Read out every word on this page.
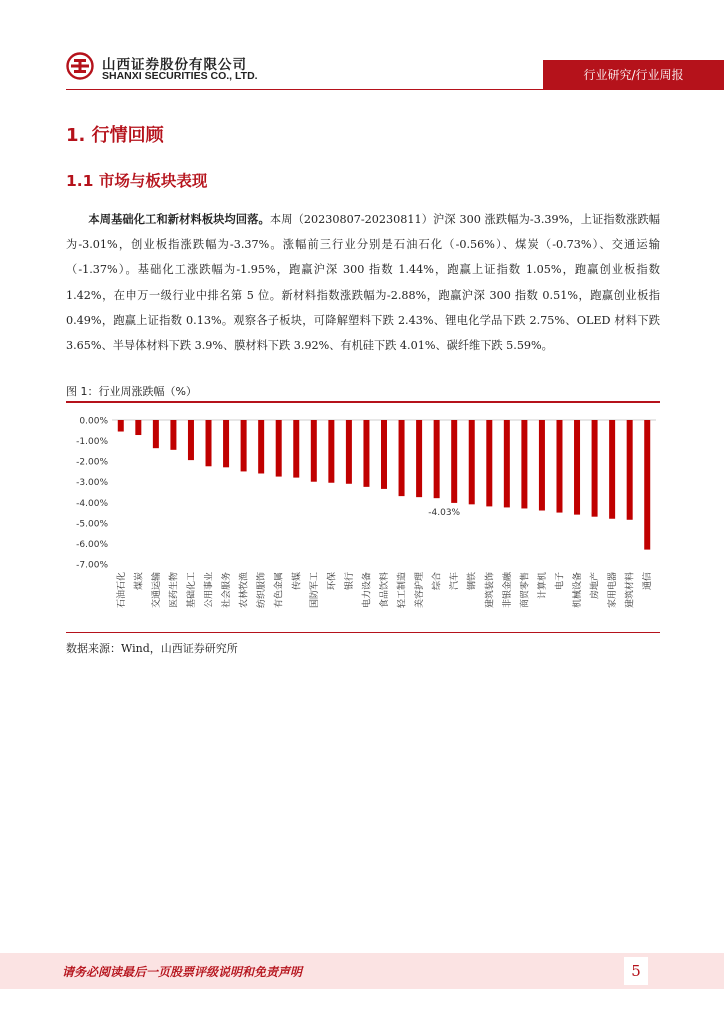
山西证券股份有限公司
SHANXI SECURITIES CO., LTD.	行业研究/行业周报
1. 行情回顾
1.1 市场与板块表现

本周基础化工和新材料板块均回落。本周（20230807-20230811）沪深 300 涨跌幅为-3.39%，上证指数涨跌幅为-3.01%，创业板指涨跌幅为-3.37%。涨幅前三行业分别是石油石化（-0.56%）、煤炭（-0.73%）、交通运输（-1.37%）。基础化工涨跌幅为-1.95%，跑赢沪深 300 指数 1.44%，跑赢上证指数 1.05%，跑赢创业板指数 1.42%，在申万一级行业中排名第 5 位。新材料指数涨跌幅为-2.88%，跑赢沪深 300 指数 0.51%，跑赢创业板指 0.49%，跑赢上证指数 0.13%。观察各子板块，可降解塑料下跌 2.43%、锂电化学品下跌 2.75%、OLED 材料下跌 3.65%、半导体材料下跌 3.9%、膜材料下跌 3.92%、有机硅下跌 4.01%、碳纤维下跌 5.59%。

图 1：行业周涨跌幅（%）
0.00%
-1.00%
-2.00%
-3.00%
-4.00%
-5.00%
-6.00%
-7.00%
石油石化 煤炭 交通运输 医药生物 基础化工 公用事业 社会服务 农林牧渔 纺织服饰 有色金属 传媒 国防军工 环保 银行 电力设备 食品饮料 轻工制造 美容护理 综合 汽车
-4.03%
钢铁 建筑装饰 非银金融 商贸零售 计算机 电子 机械设备 房地产 家用电器 建筑材料 通信
数据来源：Wind，山西证券研究所
请务必阅读最后一页股票评级说明和免责声明	5
